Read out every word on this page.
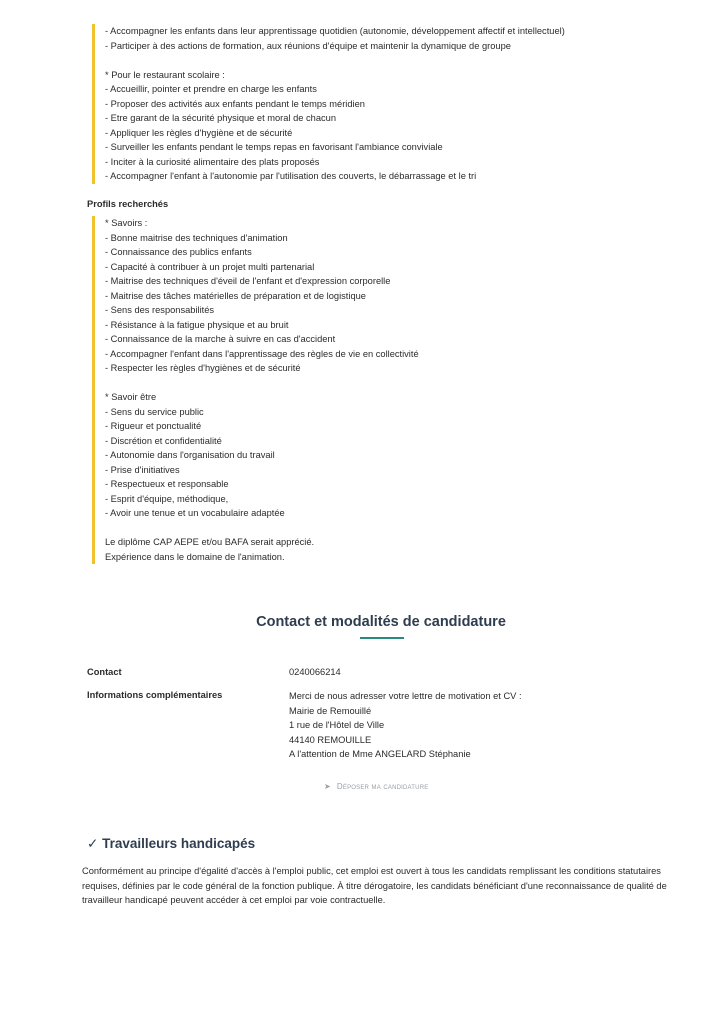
- Accompagner les enfants dans leur apprentissage quotidien (autonomie, développement affectif et intellectuel)
- Participer à des actions de formation, aux réunions d'équipe et maintenir la dynamique de groupe
* Pour le restaurant scolaire :
- Accueillir, pointer et prendre en charge les enfants
- Proposer des activités aux enfants pendant le temps méridien
- Etre garant de la sécurité physique et moral de chacun
- Appliquer les règles d'hygiène et de sécurité
- Surveiller les enfants pendant le temps repas en favorisant l'ambiance conviviale
- Inciter à la curiosité alimentaire des plats proposés
- Accompagner l'enfant à l'autonomie par l'utilisation des couverts, le débarrassage et le tri
Profils recherchés
* Savoirs :
- Bonne maitrise des techniques d'animation
- Connaissance des publics enfants
- Capacité à contribuer à un projet multi partenarial
- Maitrise des techniques d'éveil de l'enfant et d'expression corporelle
- Maitrise des tâches matérielles de préparation et de logistique
- Sens des responsabilités
- Résistance à la fatigue physique et au bruit
- Connaissance de la marche à suivre en cas d'accident
- Accompagner l'enfant dans l'apprentissage des règles de vie en collectivité
- Respecter les règles d'hygiènes et de sécurité
* Savoir être
- Sens du service public
- Rigueur et ponctualité
- Discrétion et confidentialité
- Autonomie dans l'organisation du travail
- Prise d'initiatives
- Respectueux et responsable
- Esprit d'équipe, méthodique,
- Avoir une tenue et un vocabulaire adaptée
Le diplôme CAP AEPE et/ou BAFA serait apprécié.
Expérience dans le domaine de l'animation.
Contact et modalités de candidature
Contact	0240066214
Informations complémentaires	Merci de nous adresser votre lettre de motivation et CV :
Mairie de Remouillé
1 rue de l'Hôtel de Ville
44140 REMOUILLE
A l'attention de Mme ANGELARD Stéphanie
➤ Déposer ma candidature
✓ Travailleurs handicapés
Conformément au principe d'égalité d'accès à l'emploi public, cet emploi est ouvert à tous les candidats remplissant les conditions statutaires requises, définies par le code général de la fonction publique. À titre dérogatoire, les candidats bénéficiant d'une reconnaissance de qualité de travailleur handicapé peuvent accéder à cet emploi par voie contractuelle.
